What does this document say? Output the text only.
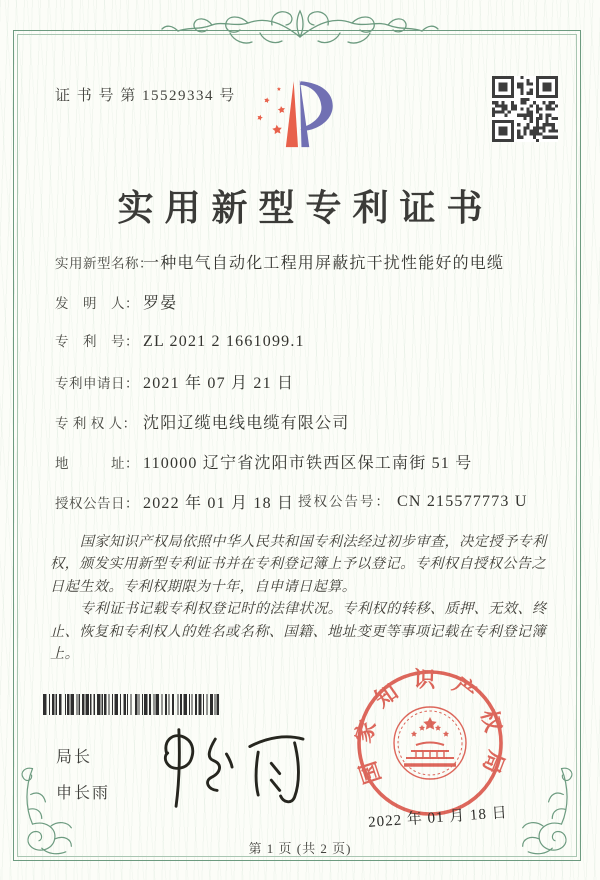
证 书 号 第 15529334 号
实用新型专利证书
实用新型名称：一种电气自动化工程用屏蔽抗干扰性能好的电缆
发　明　人： 罗晏
专　利　号： ZL 2021 2 1661099.1
专利申请日： 2021 年 07 月 21 日
专 利 权 人： 沈阳辽缆电线电缆有限公司
地　　　址： 110000 辽宁省沈阳市铁西区保工南街 51 号
授权公告日： 2022 年 01 月 18 日 授权公告号： CN 215577773 U

国家知识产权局依照中华人民共和国专利法经过初步审查，决定授予专利权，颁发实用新型专利证书并在专利登记簿上予以登记。专利权自授权公告之日起生效。专利权期限为十年，自申请日起算。

专利证书记载专利权登记时的法律状况。专利权的转移、质押、无效、终止、恢复和专利权人的姓名或名称、国籍、地址变更等事项记载在专利登记簿上。

局长
申长雨
国家知识产权局
2022 年 01 月 18 日
第 1 页 (共 2 页)
